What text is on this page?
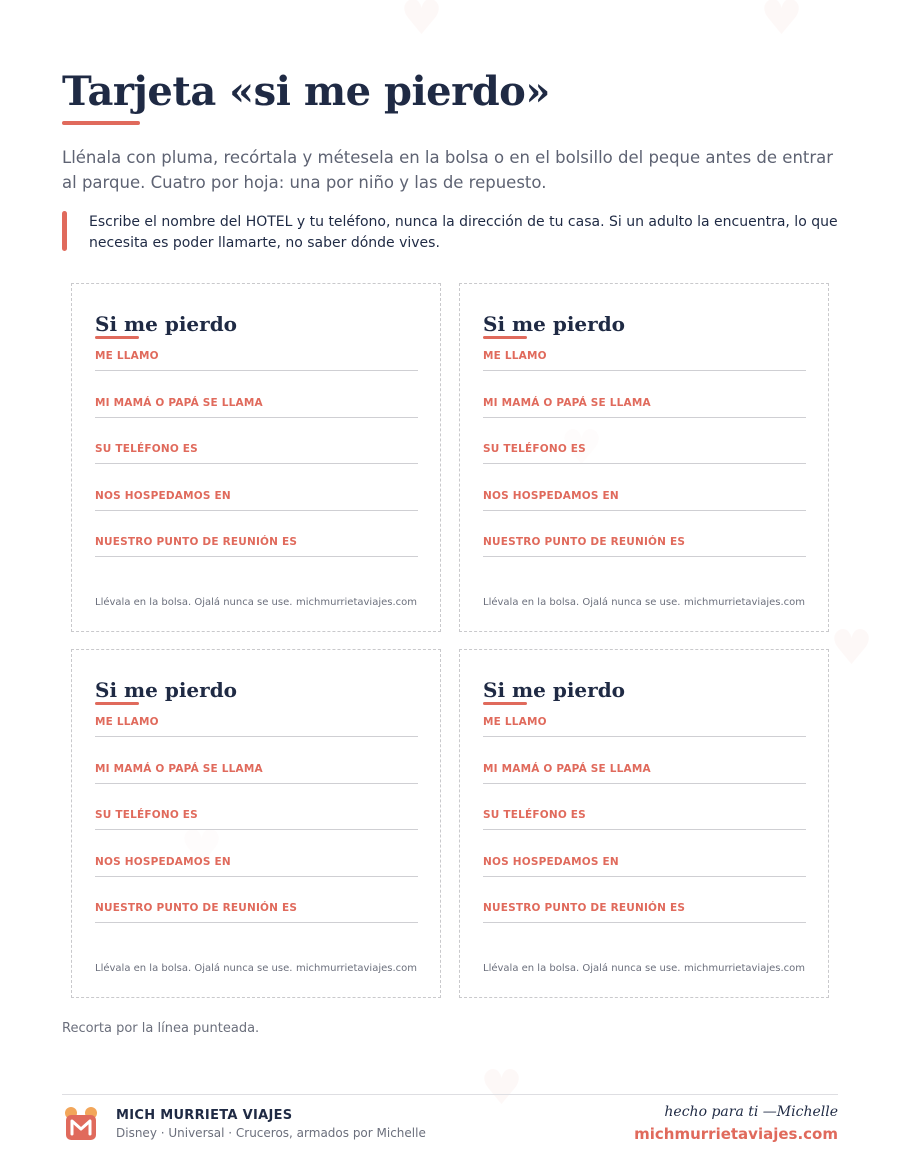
Tarjeta «si me pierdo»

Llénala con pluma, recórtala y métesela en la bolsa o en el bolsillo del peque antes de entrar al parque. Cuatro por hoja: una por niño y las de repuesto.

Escribe el nombre del HOTEL y tu teléfono, nunca la dirección de tu casa. Si un adulto la encuentra, lo que necesita es poder llamarte, no saber dónde vives.

Si me pierdo
ME LLAMO
MI MAMÁ O PAPÁ SE LLAMA
SU TELÉFONO ES
NOS HOSPEDAMOS EN
NUESTRO PUNTO DE REUNIÓN ES
Llévala en la bolsa. Ojalá nunca se use. michmurrietaviajes.com
Si me pierdo
ME LLAMO
MI MAMÁ O PAPÁ SE LLAMA
SU TELÉFONO ES
NOS HOSPEDAMOS EN
NUESTRO PUNTO DE REUNIÓN ES
Llévala en la bolsa. Ojalá nunca se use. michmurrietaviajes.com
Si me pierdo
ME LLAMO
MI MAMÁ O PAPÁ SE LLAMA
SU TELÉFONO ES
NOS HOSPEDAMOS EN
NUESTRO PUNTO DE REUNIÓN ES
Llévala en la bolsa. Ojalá nunca se use. michmurrietaviajes.com
Si me pierdo
ME LLAMO
MI MAMÁ O PAPÁ SE LLAMA
SU TELÉFONO ES
NOS HOSPEDAMOS EN
NUESTRO PUNTO DE REUNIÓN ES
Llévala en la bolsa. Ojalá nunca se use. michmurrietaviajes.com
Recorta por la línea punteada.
MICH MURRIETA VIAJES
Disney · Universal · Cruceros, armados por Michelle
hecho para ti —Michelle
michmurrietaviajes.com
